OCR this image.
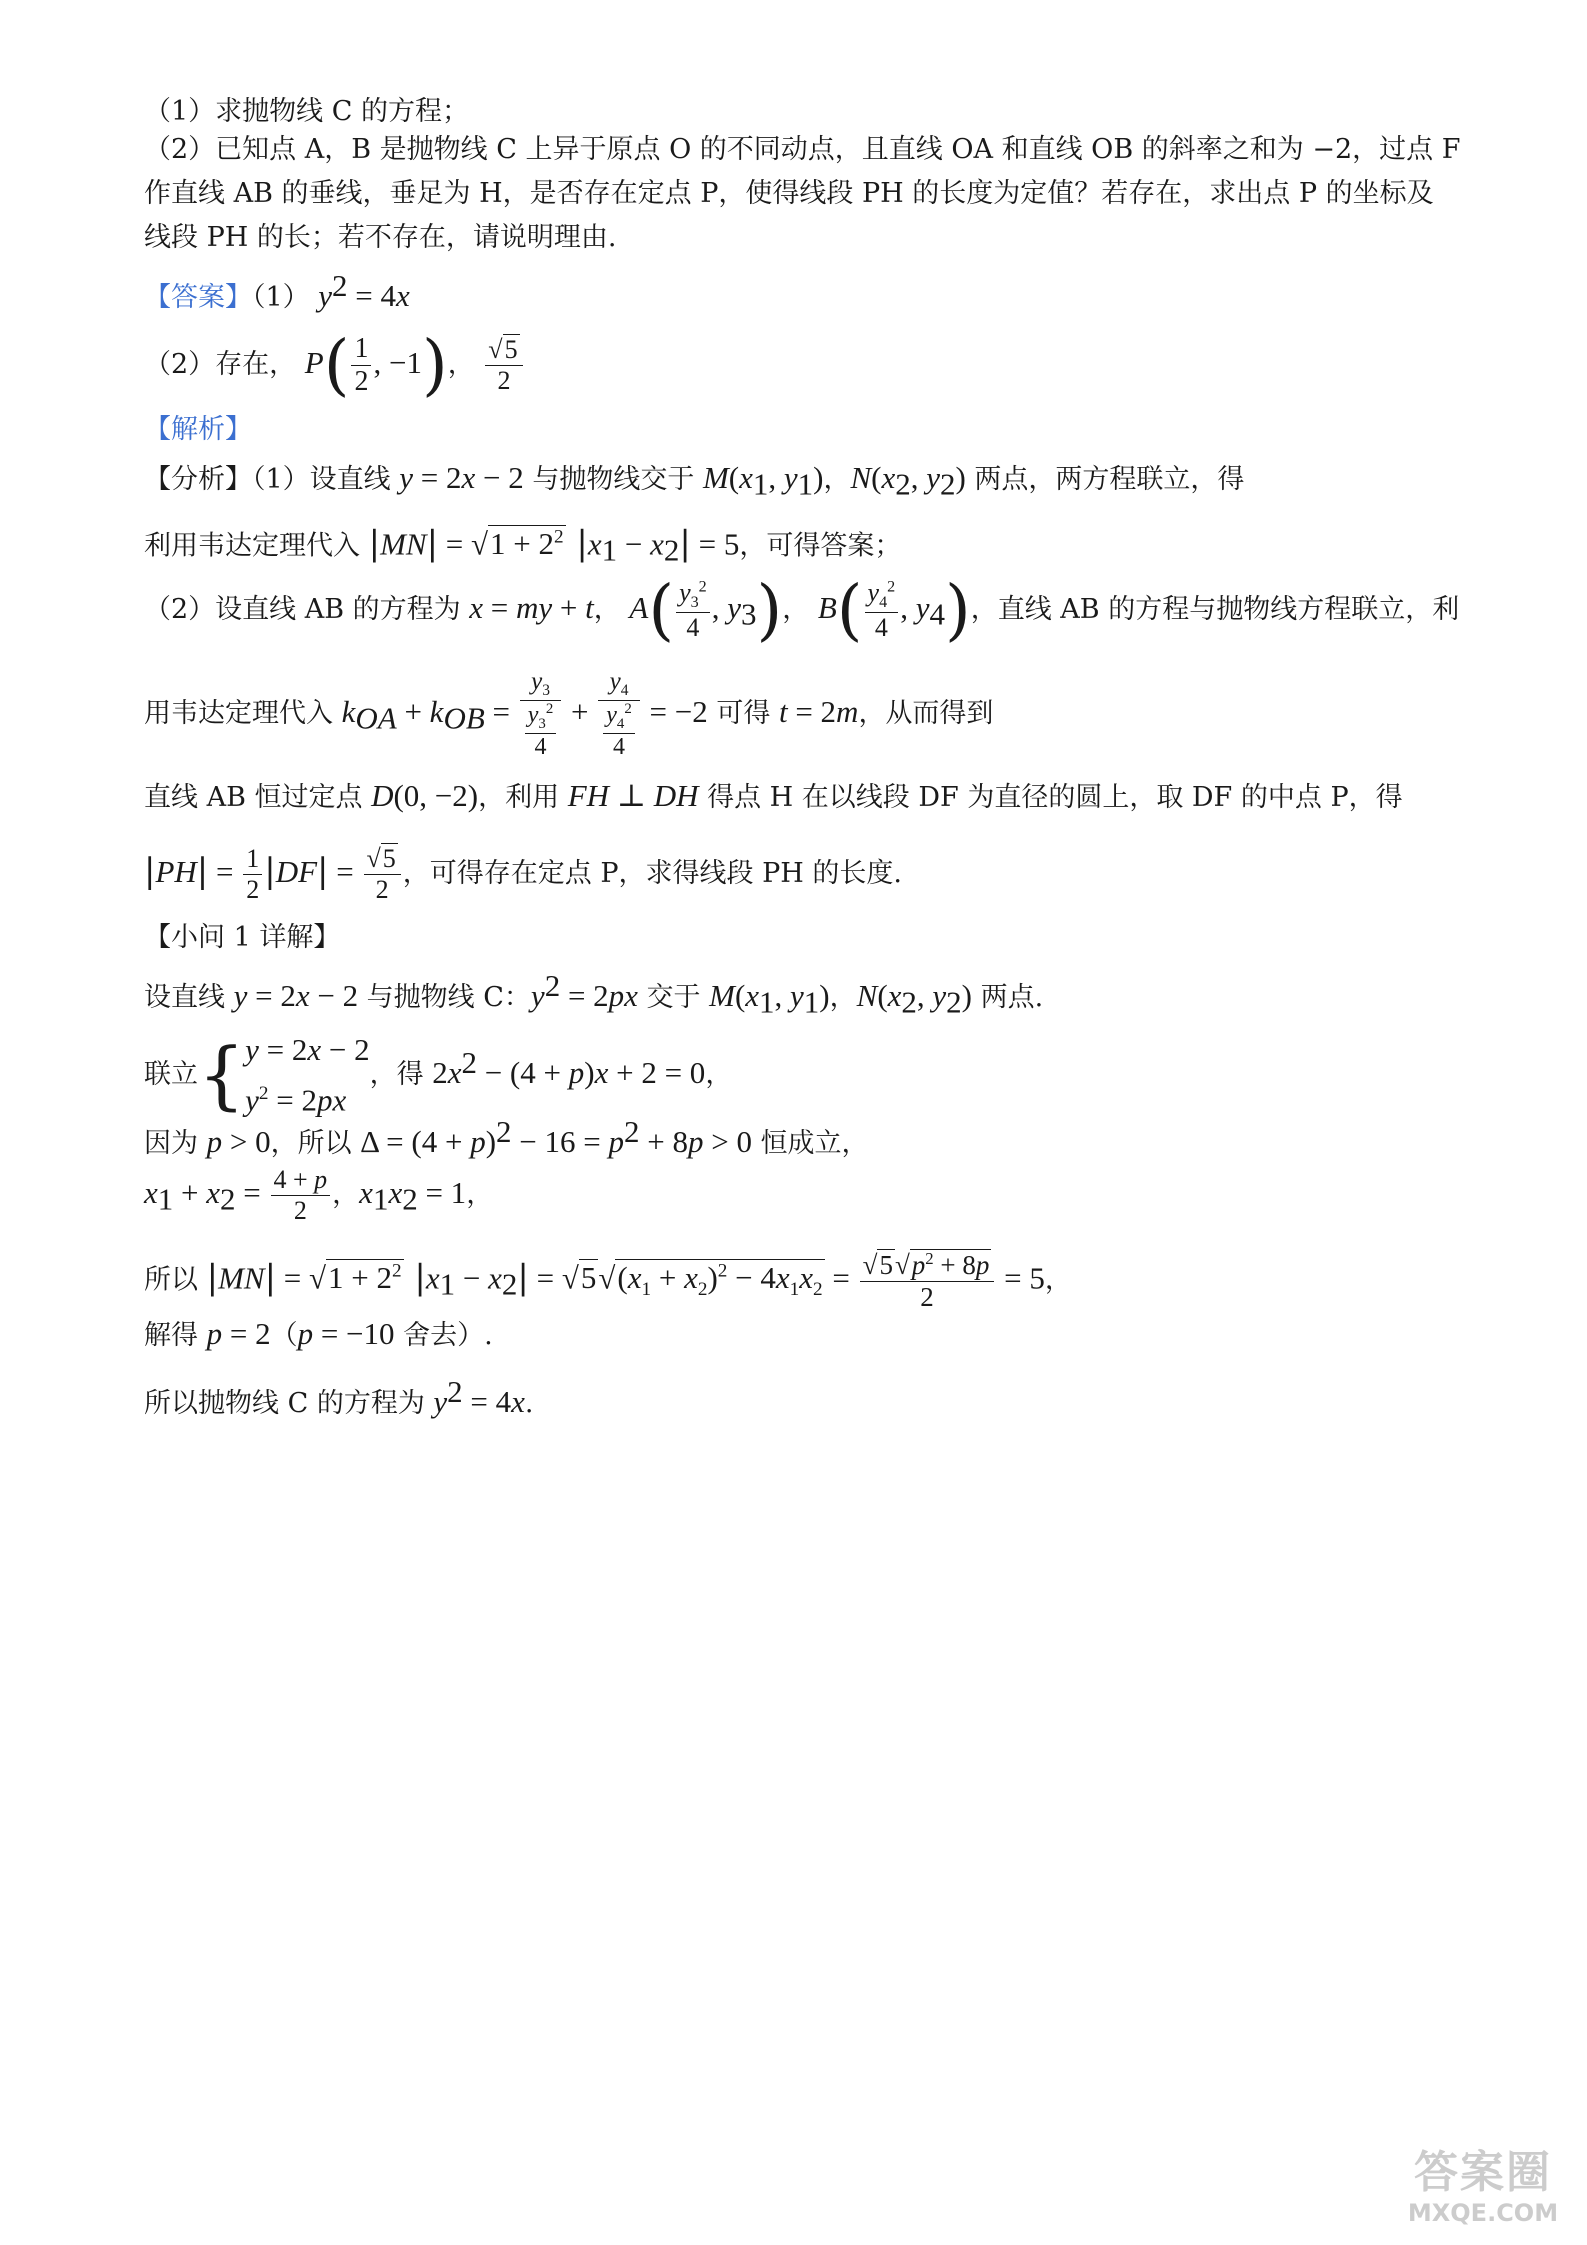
（1）求抛物线 C 的方程；
（2）已知点 A，B 是抛物线 C 上异于原点 O 的不同动点，且直线 OA 和直线 OB 的斜率之和为 −2，过点 F
作直线 AB 的垂线，垂足为 H，是否存在定点 P，使得线段 PH 的长度为定值？若存在，求出点 P 的坐标及
线段 PH 的长；若不存在，请说明理由.
【答案】（1） $y^2 = 4x$
（2）存在， $P( \frac{1}{2}$ , −1)， $\frac{√5}{2}$
【解析】
【分析】（1）设直线 y = 2x − 2 与抛物线交于 $M(x_1$, $y_1$)，$N(x_2$, $y_2$) 两点，两方程联立，得
利用韦达定理代入 $|MN| = √1 + 2^2$ $|x_1 - x_2| = 5$，可得答案；
（2）设直线 AB 的方程为 x = my + t， $A( \frac{y_3^2}{4}$ , $y_3$)， $B( \frac{y_4^2}{4}$ , $y_4$)，直线 AB 的方程与抛物线方程联立，利
用韦达定理代入 $k_{OA} + k_{OB} = \frac{y_3}{\frac{y_3^2}{4}} + \frac{y_4}{\frac{y_4^2}{4}} = -2$ 可得 t = 2m，从而得到
直线 AB 恒过定点 D(0, −2)，利用 FH ⊥ DH 得点 H 在以线段 DF 为直径的圆上，取 DF 的中点 P，得
$|PH| = \frac{1}{2} |DF| = \frac{√5}{2}$ ，可得存在定点 P，求得线段 PH 的长度.
【小问 1 详解】
设直线 y = 2x − 2 与抛物线 C：$y^2 = 2px$ 交于 $M(x_1$, $y_1$)，$N(x_2$, $y_2$) 两点.
联立{ y = 2x − 2
$y^2 = 2px$
，得 $2x^2 - (4 + p)x + 2 = 0$，
因为 p > 0，所以 $\Delta = (4 + p)^2 - 16 = p^2 + 8p > 0$ 恒成立，
$x_1 + x_2 = \frac{4 + p}{2}$ ，$x_1x_2 = 1$，
所以 $|MN| = √1 + 2^2$ $|x_1 - x_2| = √5√(x_1 + x_2)^2 - 4x_1x_2 = \frac{√5√p^2 + 8p}{2} = 5$，
解得 p = 2（p = −10 舍去）.
所以抛物线 C 的方程为 $y^2 = 4x$.
答案圈
MXQE.COM
